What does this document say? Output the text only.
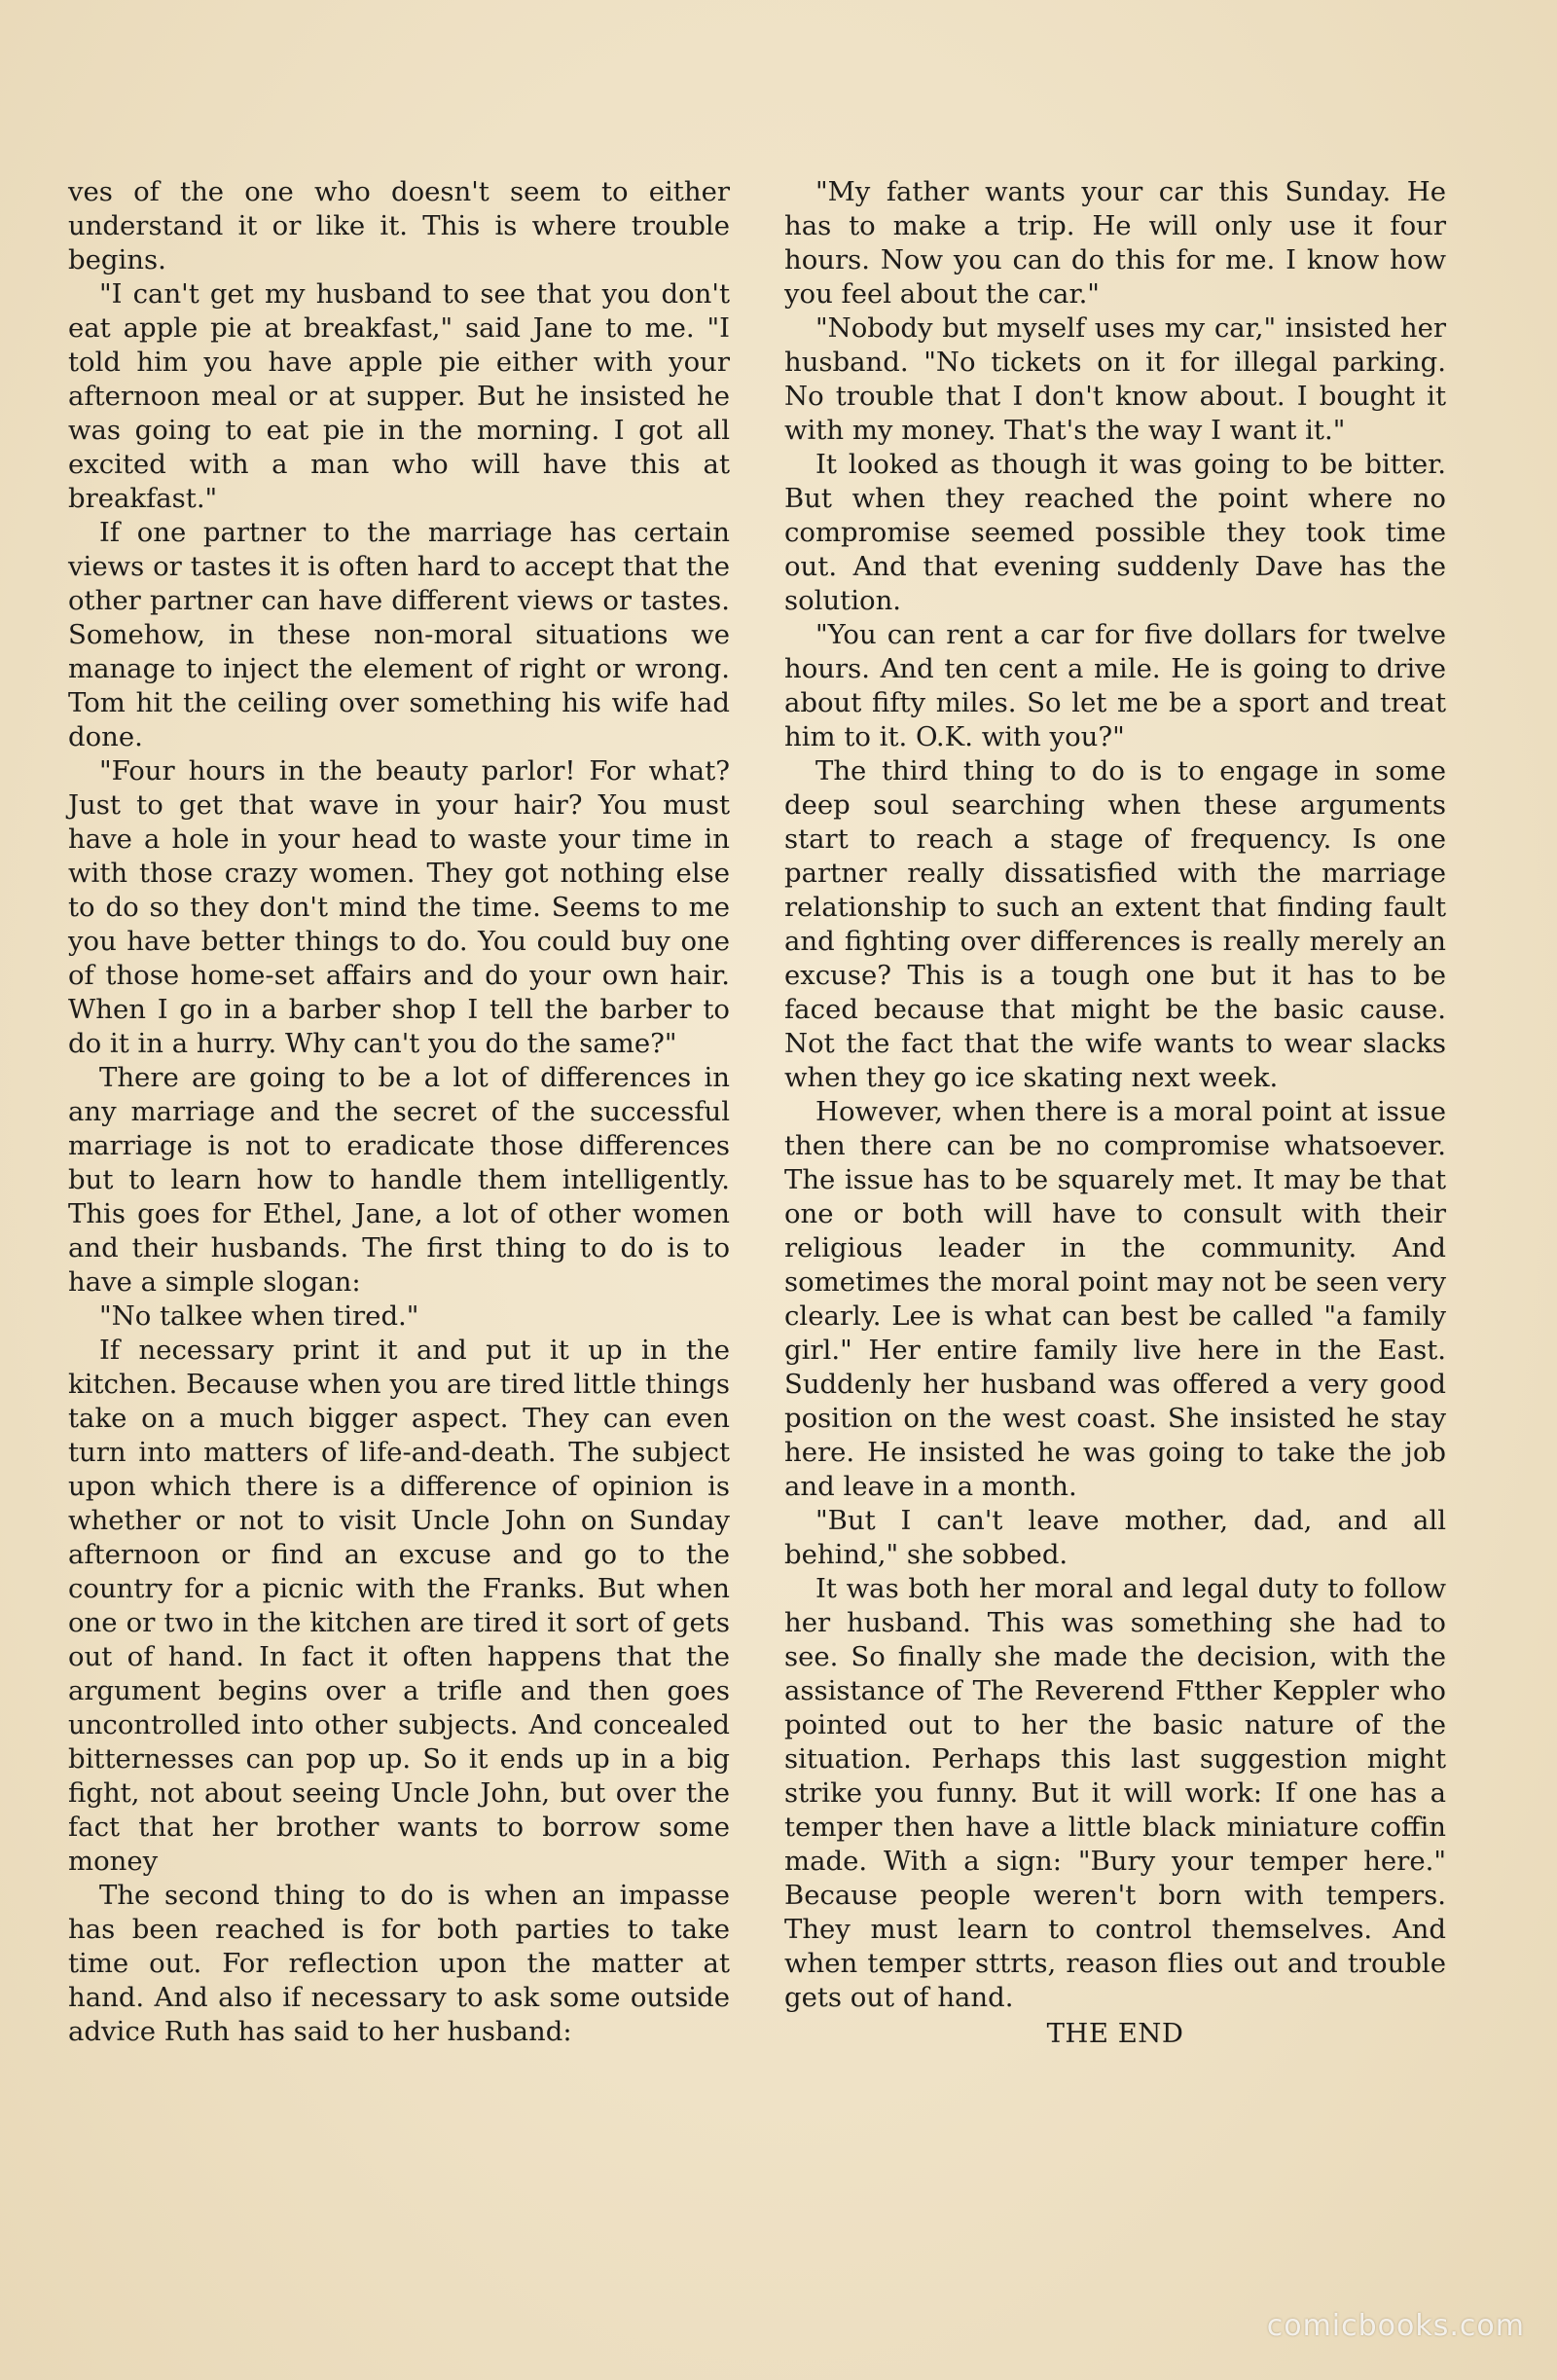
ves of the one who doesn't seem to either understand it or like it. This is where trouble begins.

"I can't get my husband to see that you don't eat apple pie at breakfast," said Jane to me. "I told him you have apple pie either with your afternoon meal or at supper. But he insisted he was going to eat pie in the morning. I got all excited with a man who will have this at breakfast."

If one partner to the marriage has certain views or tastes it is often hard to accept that the other partner can have different views or tastes. Somehow, in these non-moral situations we manage to inject the element of right or wrong. Tom hit the ceiling over something his wife had done.

"Four hours in the beauty parlor! For what? Just to get that wave in your hair? You must have a hole in your head to waste your time in with those crazy women. They got nothing else to do so they don't mind the time. Seems to me you have better things to do. You could buy one of those home-set affairs and do your own hair. When I go in a barber shop I tell the barber to do it in a hurry. Why can't you do the same?"

There are going to be a lot of differences in any marriage and the secret of the successful marriage is not to eradicate those differences but to learn how to handle them intelligently. This goes for Ethel, Jane, a lot of other women and their husbands. The first thing to do is to have a simple slogan:

"No talkee when tired."

If necessary print it and put it up in the kitchen. Because when you are tired little things take on a much bigger aspect. They can even turn into matters of life-and-death. The subject upon which there is a difference of opinion is whether or not to visit Uncle John on Sunday afternoon or find an excuse and go to the country for a picnic with the Franks. But when one or two in the kitchen are tired it sort of gets out of hand. In fact it often happens that the argument begins over a trifle and then goes uncontrolled into other subjects. And concealed bitternesses can pop up. So it ends up in a big fight, not about seeing Uncle John, but over the fact that her brother wants to borrow some money

The second thing to do is when an impasse has been reached is for both parties to take time out. For reflection upon the matter at hand. And also if necessary to ask some outside advice Ruth has said to her husband:

"My father wants your car this Sunday. He has to make a trip. He will only use it four hours. Now you can do this for me. I know how you feel about the car."

"Nobody but myself uses my car," insisted her husband. "No tickets on it for illegal parking. No trouble that I don't know about. I bought it with my money. That's the way I want it."

It looked as though it was going to be bitter. But when they reached the point where no compromise seemed possible they took time out. And that evening suddenly Dave has the solution.

"You can rent a car for five dollars for twelve hours. And ten cent a mile. He is going to drive about fifty miles. So let me be a sport and treat him to it. O.K. with you?"

The third thing to do is to engage in some deep soul searching when these arguments start to reach a stage of frequency. Is one partner really dissatisfied with the marriage relationship to such an extent that finding fault and fighting over differences is really merely an excuse? This is a tough one but it has to be faced because that might be the basic cause. Not the fact that the wife wants to wear slacks when they go ice skating next week.

However, when there is a moral point at issue then there can be no compromise whatsoever. The issue has to be squarely met. It may be that one or both will have to consult with their religious leader in the community. And sometimes the moral point may not be seen very clearly. Lee is what can best be called "a family girl." Her entire family live here in the East. Suddenly her husband was offered a very good position on the west coast. She insisted he stay here. He insisted he was going to take the job and leave in a month.

"But I can't leave mother, dad, and all behind," she sobbed.

It was both her moral and legal duty to follow her husband. This was something she had to see. So finally she made the decision, with the assistance of The Reverend Ftther Keppler who pointed out to her the basic nature of the situation. Perhaps this last suggestion might strike you funny. But it will work: If one has a temper then have a little black miniature coffin made. With a sign: "Bury your temper here." Because people weren't born with tempers. They must learn to control themselves. And when temper sttrts, reason flies out and trouble gets out of hand.

THE END

comicbooks.com
